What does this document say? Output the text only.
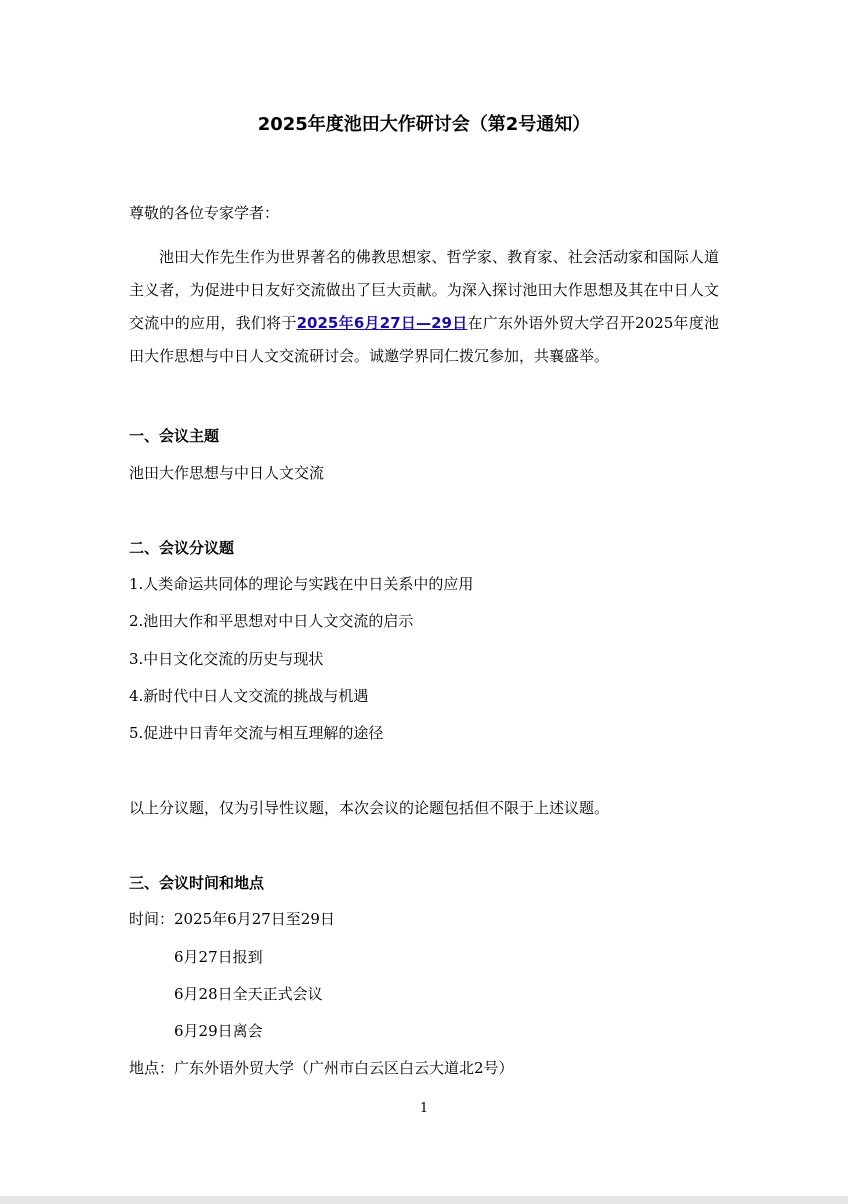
2025年度池田大作研讨会（第2号通知）
尊敬的各位专家学者：
池田大作先生作为世界著名的佛教思想家、哲学家、教育家、社会活动家和国际人道主义者，为促进中日友好交流做出了巨大贡献。为深入探讨池田大作思想及其在中日人文交流中的应用，我们将于2025年6月27日—29日在广东外语外贸大学召开2025年度池田大作思想与中日人文交流研讨会。诚邀学界同仁拨冗参加，共襄盛举。
一、会议主题
池田大作思想与中日人文交流
二、会议分议题
1.人类命运共同体的理论与实践在中日关系中的应用
2.池田大作和平思想对中日人文交流的启示
3.中日文化交流的历史与现状
4.新时代中日人文交流的挑战与机遇
5.促进中日青年交流与相互理解的途径
以上分议题，仅为引导性议题，本次会议的论题包括但不限于上述议题。
三、会议时间和地点
时间：2025年6月27日至29日
6月27日报到
6月28日全天正式会议
6月29日离会
地点：广东外语外贸大学（广州市白云区白云大道北2号）
1
